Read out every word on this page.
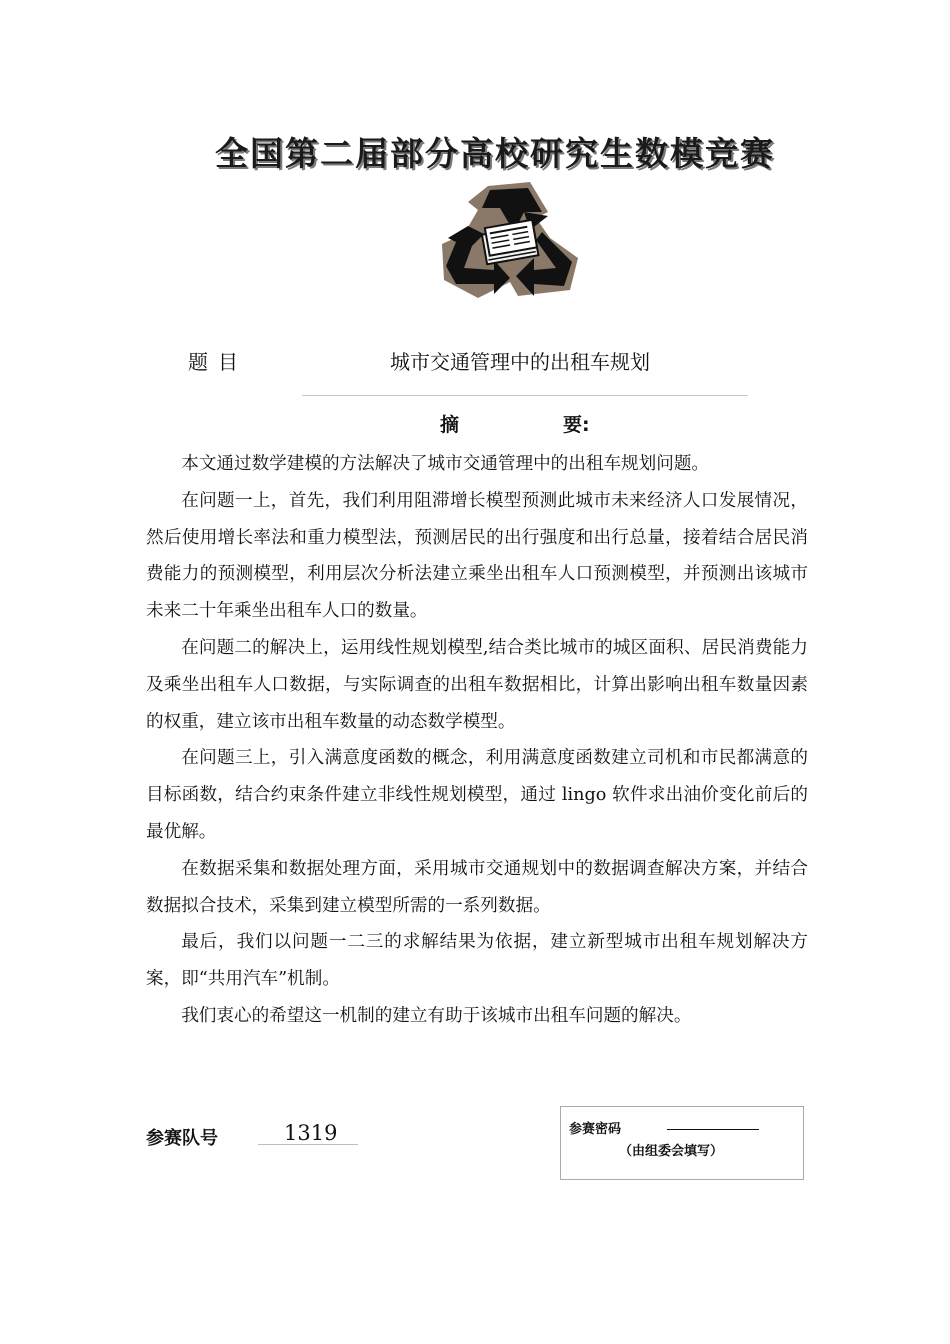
全国第二届部分高校研究生数模竞赛
题目	城市交通管理中的出租车规划
摘	要:

本文通过数学建模的方法解决了城市交通管理中的出租车规划问题。

在问题一上，首先，我们利用阻滞增长模型预测此城市未来经济人口发展情况，然后使用增长率法和重力模型法，预测居民的出行强度和出行总量，接着结合居民消费能力的预测模型，利用层次分析法建立乘坐出租车人口预测模型，并预测出该城市未来二十年乘坐出租车人口的数量。

在问题二的解决上，运用线性规划模型,结合类比城市的城区面积、居民消费能力及乘坐出租车人口数据，与实际调查的出租车数据相比，计算出影响出租车数量因素的权重，建立该市出租车数量的动态数学模型。

在问题三上，引入满意度函数的概念，利用满意度函数建立司机和市民都满意的目标函数，结合约束条件建立非线性规划模型，通过 lingo 软件求出油价变化前后的最优解。

在数据采集和数据处理方面，采用城市交通规划中的数据调查解决方案，并结合数据拟合技术，采集到建立模型所需的一系列数据。

最后，我们以问题一二三的求解结果为依据，建立新型城市出租车规划解决方案，即“共用汽车”机制。

我们衷心的希望这一机制的建立有助于该城市出租车问题的解决。

参赛队号	1319	参赛密码
（由组委会填写）
